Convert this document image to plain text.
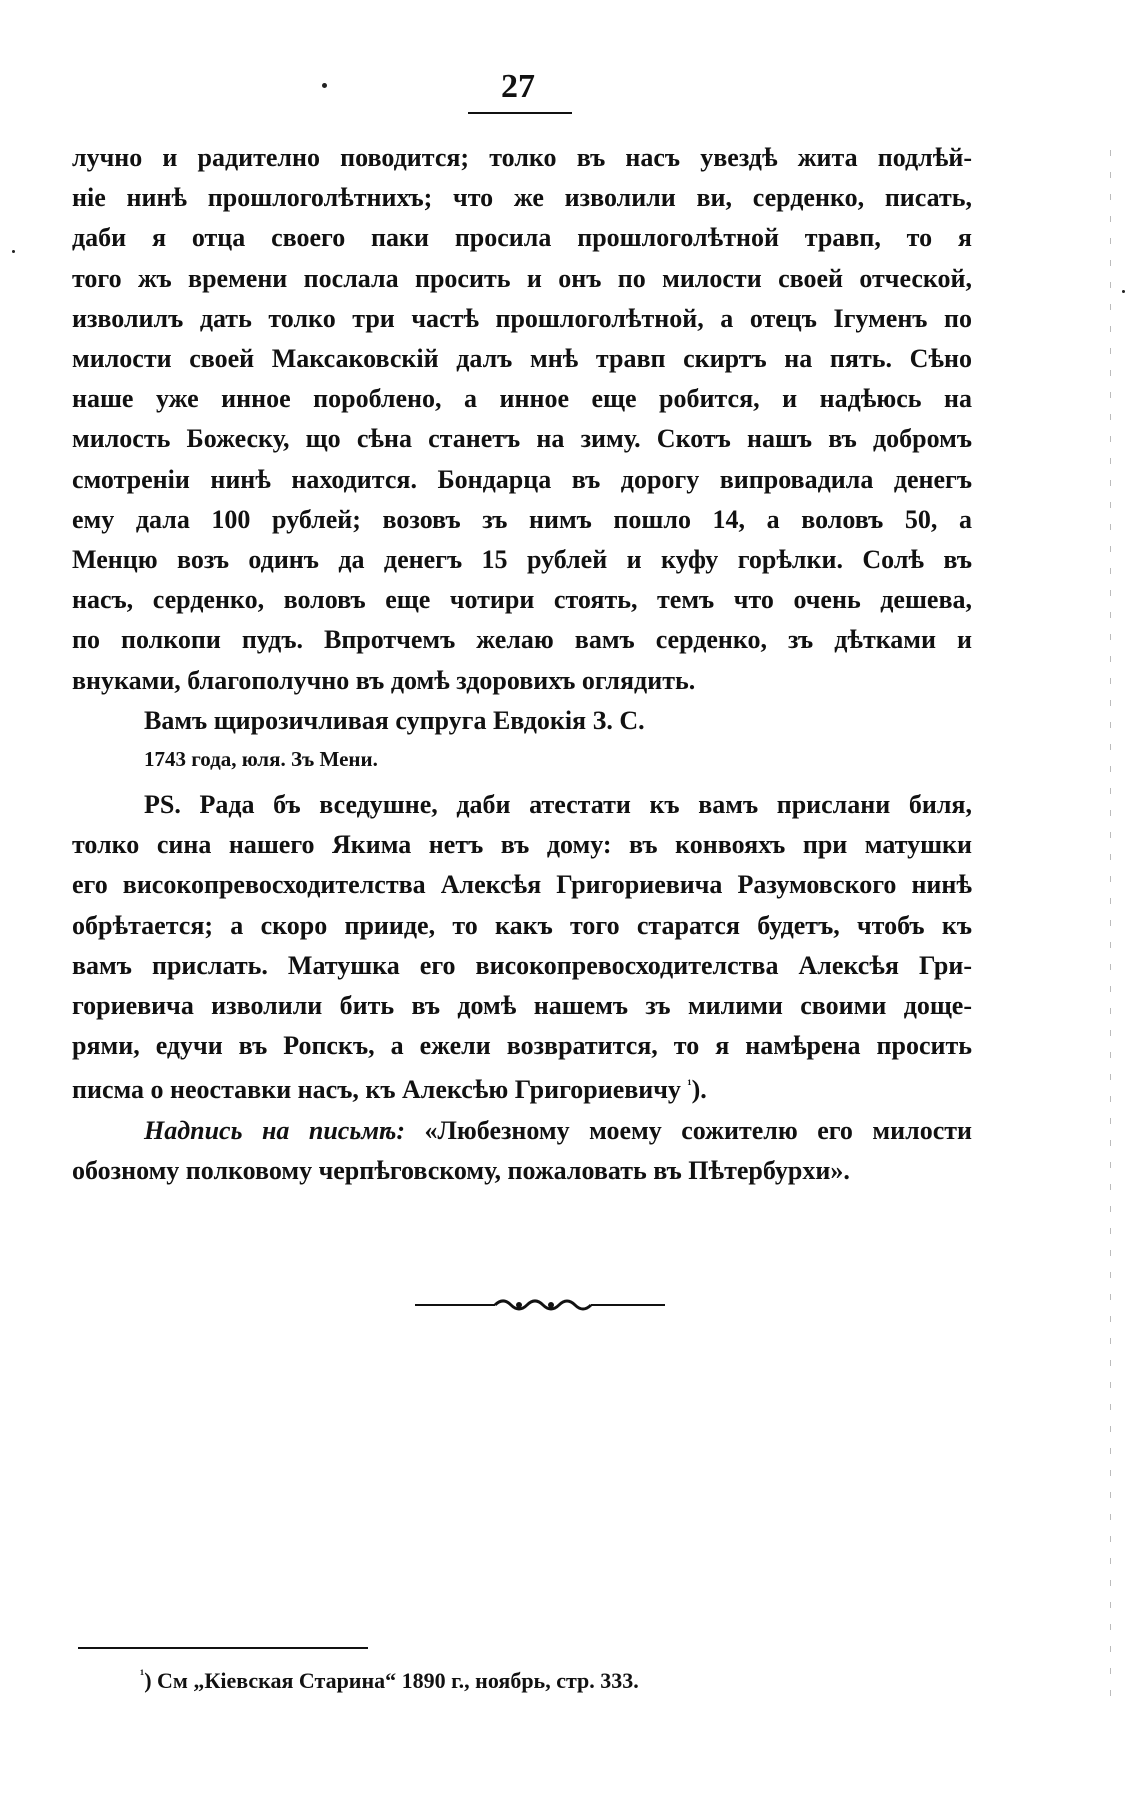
27
лучно и радително поводится; толко въ насъ увездѣ жита подлѣй-
ніе нинѣ прошлоголѣтнихъ; что же изволили ви, серденко, писать,
даби я отца своего паки просила прошлоголѣтной травп, то я
того жъ времени послала просить и онъ по милости своей отческой,
изволилъ дать толко три частѣ прошлоголѣтной, а отецъ Ігуменъ по
милости своей Максаковскій далъ мнѣ травп скиртъ на пять. Сѣно
наше уже инное пороблено, а инное еще робится, и надѣюсь на
милость Божеску, що сѣна станетъ на зиму. Скотъ нашъ въ добромъ
смотреніи нинѣ находится. Бондарца въ дорогу випровадила денегъ
ему дала 100 рублей; возовъ зъ нимъ пошло 14, а воловъ 50, а
Менцю возъ одинъ да денегъ 15 рублей и куфу горѣлки. Солѣ въ
насъ, серденко, воловъ еще чотири стоять, темъ что очень дешева,
по полкопи пудъ. Впротчемъ желаю вамъ серденко, зъ дѣтками и
внуками, благополучно въ домѣ здоровихъ оглядить.
Вамъ щирозичливая супруга Евдокія З. С.
1743 года, юля. Зъ Мени.
PS. Рада бъ вседушне, даби атестати къ вамъ прислани биля,
толко сина нашего Якима нетъ въ дому: въ конвояхъ при матушки
его високопревосходителства Алексѣя Григориевича Разумовского нинѣ
обрѣтается; а скоро прииде, то какъ того старатся будетъ, чтобъ къ
вамъ прислать. Матушка его високопревосходителства Алексѣя Гри-
гориевича изволили бить въ домѣ нашемъ зъ милими своими доще-
рями, едучи въ Ропскъ, а ежели возвратится, то я намѣрена просить
писма о неоставки насъ, къ Алексѣю Григориевичу $^{^1}$).
Надпись на письмѣ: «Любезному моему сожителю его милости
обозному полковому черпѣговскому, пожаловать въ Пѣтербурхи».
$^{^1}$) См „Кіевская Старина“ 1890 г., ноябрь, стр. 333.
